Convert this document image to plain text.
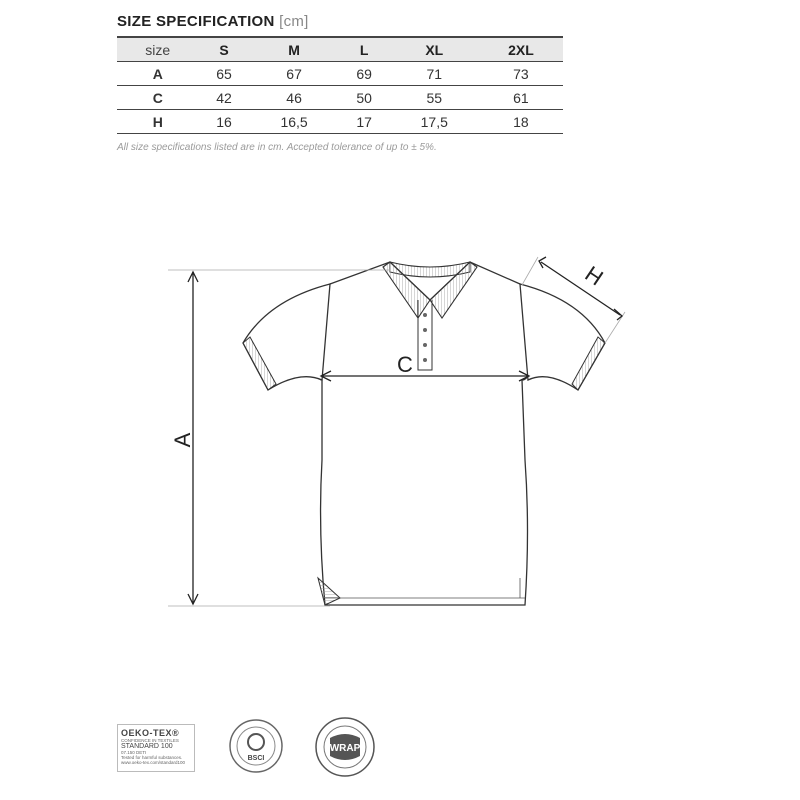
SIZE SPECIFICATION [cm]
size	S	M	L	XL	2XL
A	65	67	69	71	73
C	42	46	50	55	61
H	16	16,5	17	17,5	18
All size specifications listed are in cm. Accepted tolerance of up to ± 5%.
A
C
H
OEKO-TEX®
CONFIDENCE IN TEXTILES
STANDARD 100
07.150 DETI
Tested for harmful substances.
www.oeko-tex.com/standard100
BSCI
WRAP
